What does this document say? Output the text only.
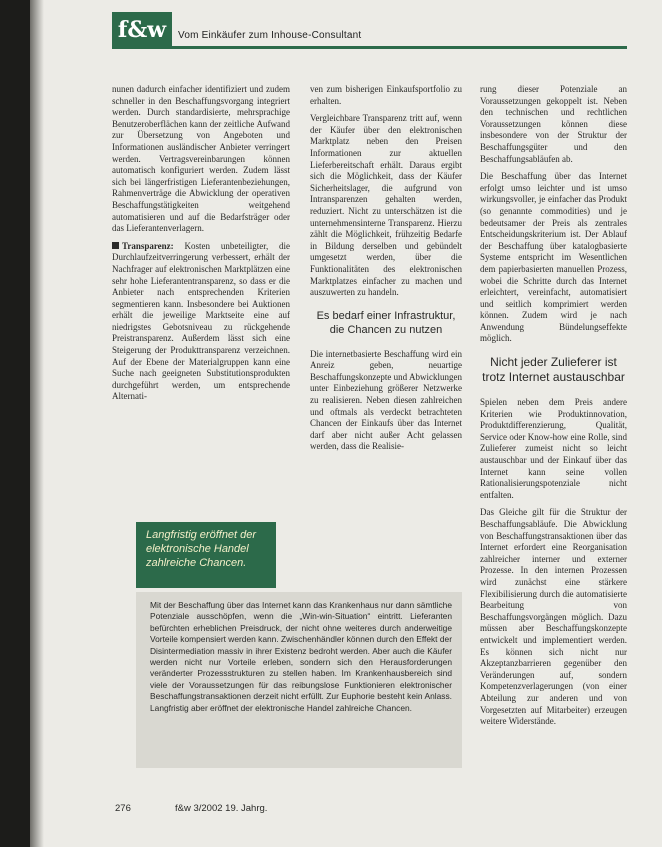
f&w	Vom Einkäufer zum Inhouse-Consultant

nunen dadurch einfacher identifiziert und zudem schneller in den Beschaffungsvorgang integriert werden. Durch standardisierte, mehrsprachige Benutzeroberflächen kann der zeitliche Aufwand zur Übersetzung von Angeboten und Informationen ausländischer Anbieter verringert werden. Vertragsvereinbarungen können automatisch konfiguriert werden. Zudem lässt sich bei längerfristigen Lieferantenbeziehungen, Rahmenverträge die Abwicklung der operativen Beschaffungstätigkeiten weitgehend automatisieren und auf die Bedarfsträger oder das Lieferantenverlagern.

Transparenz: Kosten unbeteiligter, die Durchlaufzeitverringerung verbessert, erhält der Nachfrager auf elektronischen Marktplätzen eine sehr hohe Lieferantentransparenz, so dass er die Anbieter nach entsprechenden Kriterien segmentieren kann. Insbesondere bei Auktionen erhält die jeweilige Marktseite eine auf niedrigstes Gebotsniveau zu rückgehende Preistransparenz. Außerdem lässt sich eine Steigerung der Produkttransparenz verzeichnen. Auf der Ebene der Materialgruppen kann eine Suche nach geeigneten Substitutionsprodukten durchgeführt werden, um entsprechende Alternati-

ven zum bisherigen Einkaufsportfolio zu erhalten.

Vergleichbare Transparenz tritt auf, wenn der Käufer über den elektronischen Marktplatz neben den Preisen Informationen zur aktuellen Lieferbereitschaft erhält. Daraus ergibt sich die Möglichkeit, dass der Käufer Sicherheitslager, die aufgrund von Intransparenzen gehalten werden, reduziert. Nicht zu unterschätzen ist die unternehmensinterne Transparenz. Hierzu zählt die Möglichkeit, frühzeitig Bedarfe in Bildung derselben und gebündelt umgesetzt werden, über die Funktionalitäten des elektronischen Marktplatzes einfacher zu machen und auszuwerten zu handeln.

Es bedarf einer Infrastruktur, die Chancen zu nutzen

Die internetbasierte Beschaffung wird ein Anreiz geben, neuartige Beschaffungskonzepte und Abwicklungen unter Einbeziehung größerer Netzwerke zu realisieren. Neben diesen zahlreichen und oftmals als verdeckt betrachteten Chancen der Einkaufs über das Internet darf aber nicht außer Acht gelassen werden, dass die Realisie-

rung dieser Potenziale an Voraussetzungen gekoppelt ist. Neben den technischen und rechtlichen Voraussetzungen können diese insbesondere von der Struktur der Beschaffungsgüter und den Beschaffungsabläufen ab.

Die Beschaffung über das Internet erfolgt umso leichter und ist umso wirkungsvoller, je einfacher das Produkt (so genannte commodities) und je bedeutsamer der Preis als zentrales Entscheidungskriterium ist. Der Ablauf der Beschaffung über katalogbasierte Systeme entspricht im Wesentlichen dem papierbasierten manuellen Prozess, wobei die Schritte durch das Internet erleichtert, vereinfacht, automatisiert und seitlich komprimiert werden können. Zudem wird je nach Anwendung Bündelungseffekte möglich.

Nicht jeder Zulieferer ist trotz Internet austauschbar

Spielen neben dem Preis andere Kriterien wie Produktinnovation, Produktdifferenzierung, Qualität, Service oder Know-how eine Rolle, sind Zulieferer zumeist nicht so leicht austauschbar und der Einkauf über das Internet kann seine vollen Rationalisierungspotenziale nicht entfalten.

Das Gleiche gilt für die Struktur der Beschaffungsabläufe. Die Abwicklung von Beschaffungstransaktionen über das Internet erfordert eine Reorganisation zahlreicher interner und externer Prozesse. In den internen Prozessen wird zunächst eine stärkere Flexibilisierung durch die automatisierte Bearbeitung von Beschaffungsvorgängen möglich. Dazu müssen aber Beschaffungskonzepte entwickelt und implementiert werden. Es können sich nicht nur Akzeptanzbarrieren gegenüber den Veränderungen auf, sondern Kompetenzverlagerungen (von einer Abteilung zur anderen und von Vorgesetzten auf Mitarbeiter) erzeugen weitere Widerstände.

Langfristig eröffnet der elektronische Handel zahlreiche Chancen.
Mit der Beschaffung über das Internet kann das Krankenhaus nur dann sämtliche Potenziale ausschöpfen, wenn die „Win-win-Situation“ eintritt. Lieferanten befürchten erheblichen Preisdruck, der nicht ohne weiteres durch anderweitige Vorteile kompensiert werden kann. Zwischenhändler können durch den Effekt der Disintermediation massiv in ihrer Existenz bedroht werden. Aber auch die Käufer werden nicht nur Vorteile erleben, sondern sich den Herausforderungen veränderter Prozessstrukturen zu stellen haben. Im Krankenhausbereich sind viele der Voraussetzungen für das reibungslose Funktionieren elektronischer Beschaffungstransaktionen derzeit nicht erfüllt. Zur Euphorie besteht kein Anlass. Langfristig aber eröffnet der elektronische Handel zahlreiche Chancen.
276	f&w 3/2002 19. Jahrg.
